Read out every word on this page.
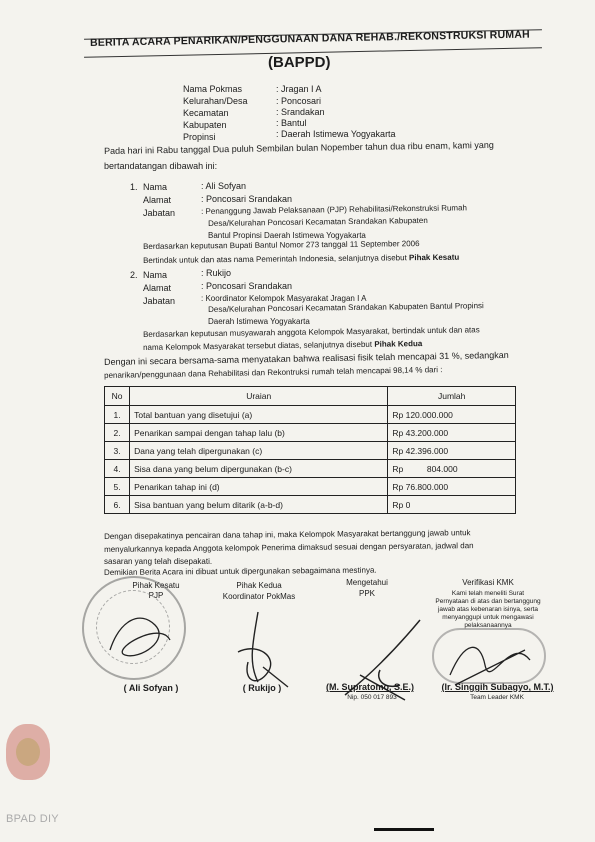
BERITA ACARA PENARIKAN/PENGGUNAAN DANA REHAB./REKONSTRUKSI RUMAH
(BAPPD)
Nama Pokmas	: Jragan I A
Kelurahan/Desa	: Poncosari
Kecamatan	: Srandakan
Kabupaten	: Bantul
Propinsi	: Daerah Istimewa Yogyakarta
Pada hari ini Rabu tanggal Dua puluh Sembilan bulan Nopember tahun dua ribu enam, kami yang
bertandatangan dibawah ini:
1. Nama	: Ali Sofyan
Alamat	: Poncosari Srandakan
Jabatan	: Penanggung Jawab Pelaksanaan (PJP) Rehabilitasi/Rekonstruksi Rumah
Desa/Kelurahan Poncosari Kecamatan Srandakan Kabupaten
Bantul Propinsi Daerah Istimewa Yogyakarta
Berdasarkan keputusan Bupati Bantul Nomor 273 tanggal 11 September 2006
Bertindak untuk dan atas nama Pemerintah Indonesia, selanjutnya disebut Pihak Kesatu
2. Nama	: Rukijo
Alamat	: Poncosari Srandakan
Jabatan	: Koordinator Kelompok Masyarakat Jragan I A
Desa/Kelurahan Poncosari Kecamatan Srandakan Kabupaten Bantul Propinsi
Daerah Istimewa Yogyakarta
Berdasarkan keputusan musyawarah anggota Kelompok Masyarakat, bertindak untuk dan atas
nama Kelompok Masyarakat tersebut diatas, selanjutnya disebut Pihak Kedua
Dengan ini secara bersama-sama menyatakan bahwa realisasi fisik telah mencapai 31 %, sedangkan
penarikan/penggunaan dana Rehabilitasi dan Rekontruksi rumah telah mencapai 98,14 % dari :
No	Uraian	Jumlah
1.	Total bantuan yang disetujui (a)	Rp 120.000.000
2.	Penarikan sampai dengan tahap lalu (b)	Rp 43.200.000
3.	Dana yang telah dipergunakan (c)	Rp 42.396.000
4.	Sisa dana yang belum dipergunakan (b-c)	Rp          804.000
5.	Penarikan tahap ini (d)	Rp 76.800.000
6.	Sisa bantuan yang belum ditarik (a-b-d)	Rp 0
Dengan disepakatinya pencairan dana tahap ini, maka Kelompok Masyarakat bertanggung jawab untuk
menyalurkannya kepada Anggota kelompok Penerima dimaksud sesuai dengan persyaratan, jadwal dan
sasaran yang telah disepakati.
Demikian Berita Acara ini dibuat untuk dipergunakan sebagaimana mestinya.
Pihak Kesatu
PJP
( Ali Sofyan )
Pihak Kedua
Koordinator PokMas
( Rukijo )
Mengetahui
PPK
(M. Supratomo, S.E.)
Nip. 050 017 893
Verifikasi KMK
Kami telah meneliti Surat
Pernyataan di atas dan bertanggung
jawab atas kebenaran isinya, serta
menyanggupi untuk mengawasi
pelaksanaannya
(Ir. Singgih Subagyo, M.T.)
Team Leader KMK
BPAD DIY
